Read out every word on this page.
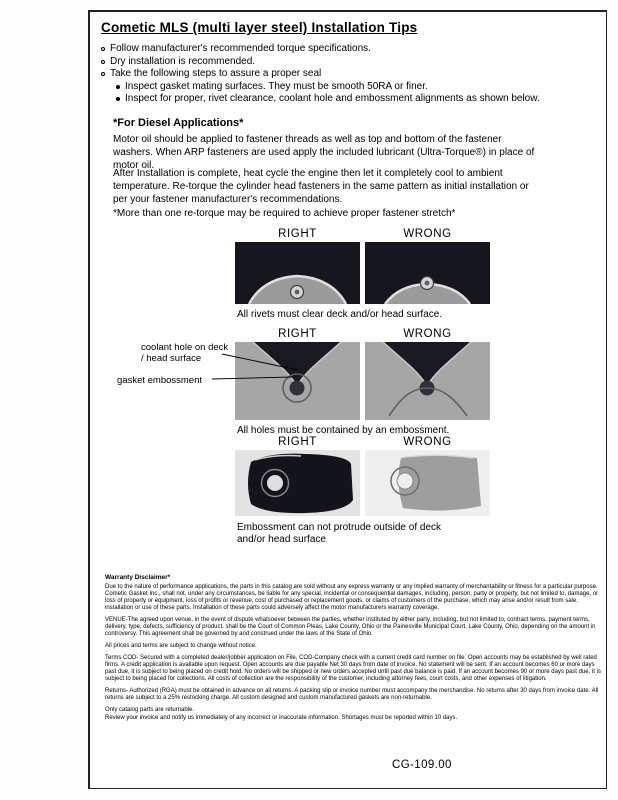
Cometic MLS (multi layer steel) Installation Tips
Follow manufacturer's recommended torque specifications.
Dry installation is recommended.
Take the following steps to assure a proper seal
Inspect gasket mating surfaces. They must be smooth 50RA or finer.
Inspect for proper, rivet clearance, coolant hole and embossment alignments as shown below.
*For Diesel Applications*
Motor oil should be applied to fastener threads as well as top and bottom of the fastener washers. When ARP fasteners are used apply the included lubricant (Ultra-Torque®) in place of motor oil.
After Installation is complete, heat cycle the engine then let it completely cool to ambient temperature. Re-torque the cylinder head fasteners in the same pattern as initial installation or per your fastener manufacturer's recommendations.
*More than one re-torque may be required to achieve proper fastener stretch*
RIGHT	WRONG
All rivets must clear deck and/or head surface.
RIGHT	WRONG
coolant hole on deck / head surface
gasket embossment
All holes must be contained by an embossment.
RIGHT	WRONG
Embossment can not protrude outside of deck and/or head surface
Warranty Disclaimer*

Due to the nature of performance applications, the parts in this catalog are sold without any express warranty or any implied warranty of merchantability or fitness for a particular purpose. Cometic Gasket Inc., shall not, under any circumstances, be liable for any special, incidental or consequential damages, including, person, party or property, but not limited to, damage, or loss of property or equipment, loss of profits or revenue, cost of purchased or replacement goods, or claims of customers of the purchase, which may arise and/or result from sale, installation or use of these parts. Installation of these parts could adversely affect the motor manufacturers warranty coverage.

VENUE-The agreed upon venue, in the event of dispute whatsoever between the parties, whether instituted by either party, including, but not limited to, contract terms, payment terms, delivery, type, defects, sufficiency of product, shall be the Court of Common Pleas, Lake County, Ohio or the Painesville Municipal Court, Lake County, Ohio, depending on the amount in controversy. This agreement shall be governed by and construed under the laws of the State of Ohio.

All prices and terms are subject to change without notice.

Terms COD- Secured with a completed dealer/jobber application on File, COD-Company check with a current credit card number on file. Open accounts may be established by well rated firms. A credit application is available upon request. Open accounts are due payable Net 30 days from date of invoice. No statement will be sent. If an account becomes 60 or more days past due, it is subject to being placed on credit hold. No orders will be shipped or new orders accepted until past due balance is paid. If an account becomes 90 or more days past due, it is subject to being placed for collections. All costs of collection are the responsibility of the customer, including attorney fees, court costs, and other expenses of litigation.

Returns- Authorized (RGA) must be obtained in advance on all returns. A packing slip or invoice number must accompany the merchandise. No returns after 30 days from invoice date. All returns are subject to a 25% restocking charge. All custom designed and custom manufactured gaskets are non-returnable.

Only catalog parts are returnable.

Review your invoice and notify us immediately of any incorrect or inaccurate information. Shortages must be reported within 10 days.

CG-109.00
